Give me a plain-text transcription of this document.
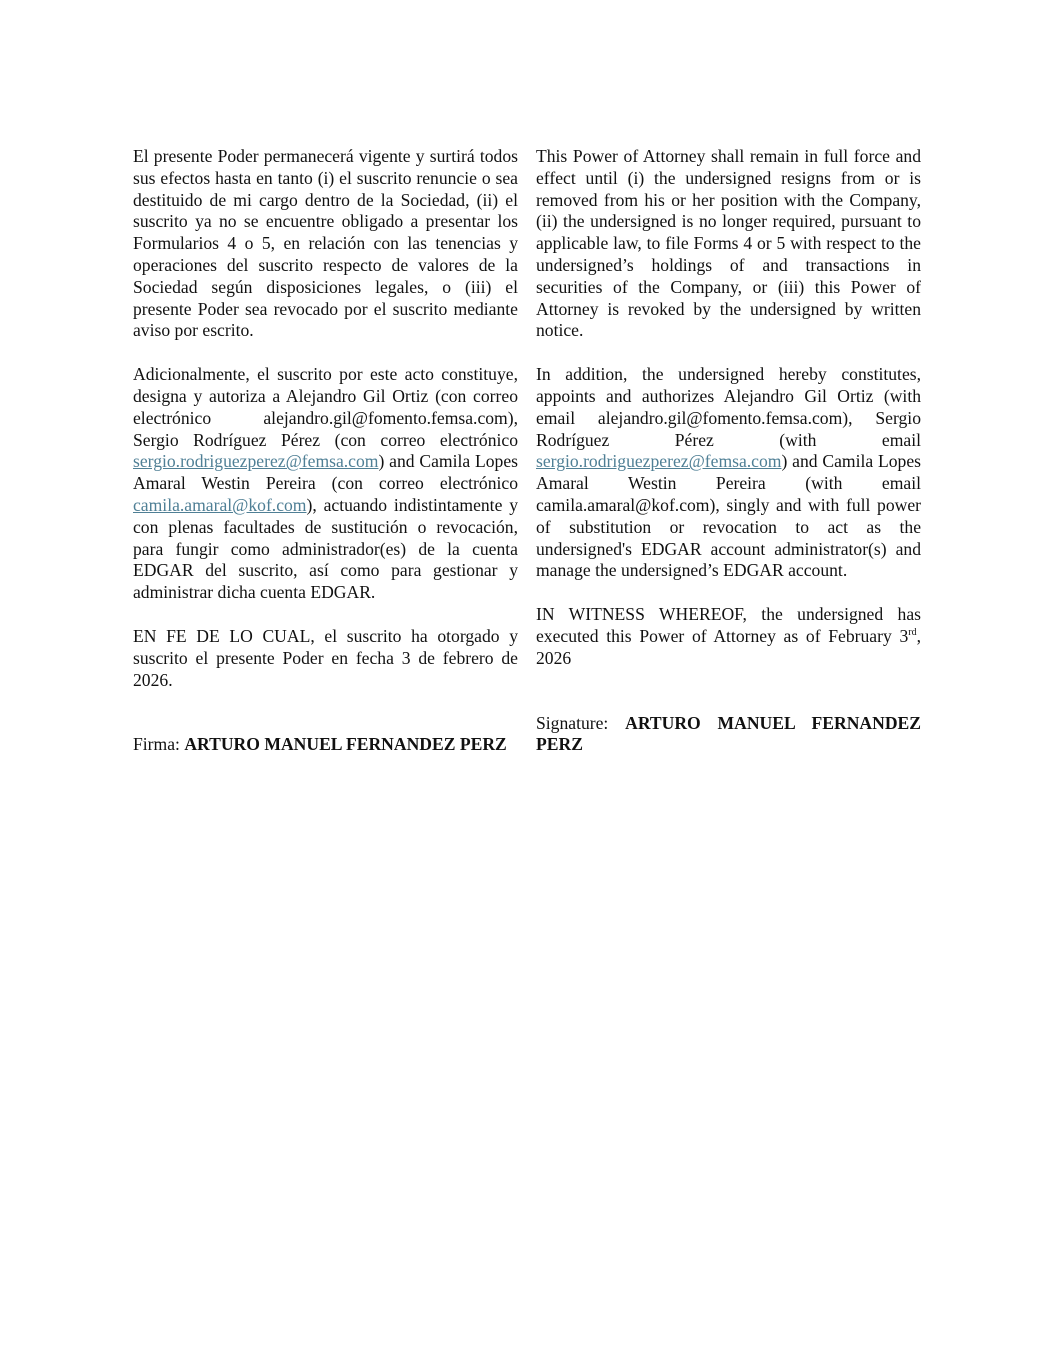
El presente Poder permanecerá vigente y surtirá todos sus efectos hasta en tanto (i) el suscrito renuncie o sea destituido de mi cargo dentro de la Sociedad, (ii) el suscrito ya no se encuentre obligado a presentar los Formularios 4 o 5, en relación con las tenencias y operaciones del suscrito respecto de valores de la Sociedad según disposiciones legales, o (iii) el presente Poder sea revocado por el suscrito mediante aviso por escrito.

Adicionalmente, el suscrito por este acto constituye, designa y autoriza a Alejandro Gil Ortiz (con correo electrónico alejandro.gil@fomento.femsa.com), Sergio Rodríguez Pérez (con correo electrónico sergio.rodriguezperez@femsa.com) and Camila Lopes Amaral Westin Pereira (con correo electrónico camila.amaral@kof.com), actuando indistintamente y con plenas facultades de sustitución o revocación, para fungir como administrador(es) de la cuenta EDGAR del suscrito, así como para gestionar y administrar dicha cuenta EDGAR.

EN FE DE LO CUAL, el suscrito ha otorgado y suscrito el presente Poder en fecha 3 de febrero de 2026.

Firma: ARTURO MANUEL FERNANDEZ PERZ

This Power of Attorney shall remain in full force and effect until (i) the undersigned resigns from or is removed from his or her position with the Company, (ii) the undersigned is no longer required, pursuant to applicable law, to file Forms 4 or 5 with respect to the undersigned’s holdings of and transactions in securities of the Company, or (iii) this Power of Attorney is revoked by the undersigned by written notice.

In addition, the undersigned hereby constitutes, appoints and authorizes Alejandro Gil Ortiz (with email alejandro.gil@fomento.femsa.com), Sergio Rodríguez Pérez (with email sergio.rodriguezperez@femsa.com) and Camila Lopes Amaral Westin Pereira (with email camila.amaral@kof.com), singly and with full power of substitution or revocation to act as the undersigned's EDGAR account administrator(s) and manage the undersigned’s EDGAR account.

IN WITNESS WHEREOF, the undersigned has executed this Power of Attorney as of February 3rd, 2026

Signature: ARTURO MANUEL FERNANDEZ PERZ
